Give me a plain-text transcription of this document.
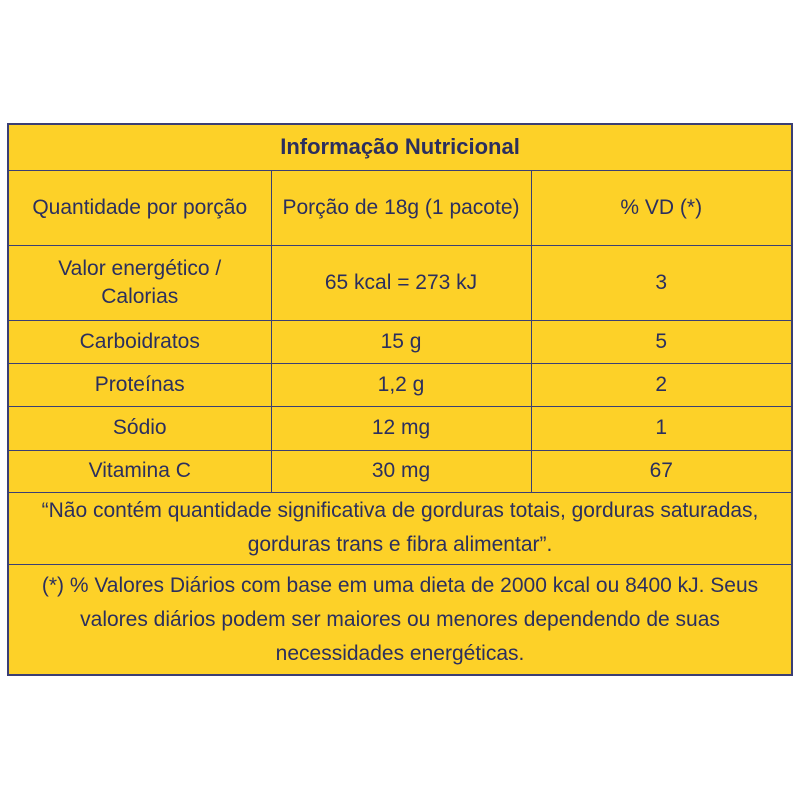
Informação Nutricional		
Quantidade por porção	Porção de 18g (1 pacote)	% VD (*)
Valor energético / Calorias	65 kcal = 273 kJ	3
Carboidratos	15 g	5
Proteínas	1,2 g	2
Sódio	12 mg	1
Vitamina C	30 mg	67
“Não contém quantidade significativa de gorduras totais, gorduras saturadas, gorduras trans e fibra alimentar”.		
(*) % Valores Diários com base em uma dieta de 2000 kcal ou 8400 kJ. Seus valores diários podem ser maiores ou menores dependendo de suas necessidades energéticas.		
